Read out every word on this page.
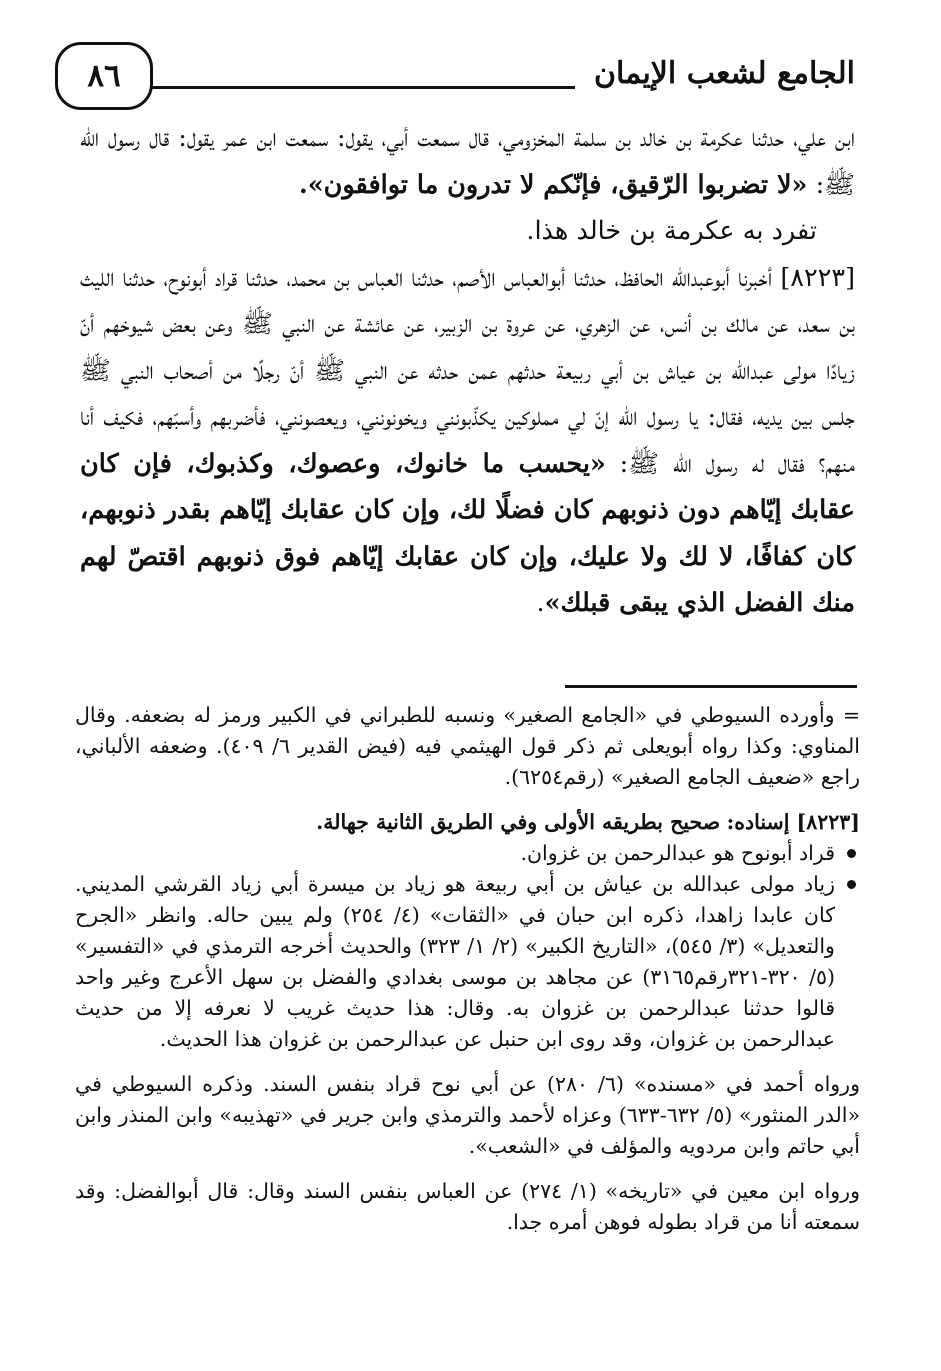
الجامع لشعب الإيمان
٨٦

ابن علي، حدثنا عكرمة بن خالد بن سلمة المخزومي، قال سمعت أبي، يقول: سمعت ابن عمر يقول: قال رسول الله ﷺ: «لا تضربوا الرّقيق، فإنّكم لا تدرون ما توافقون».

تفرد به عكرمة بن خالد هذا.

[٨٢٢٣] أخبرنا أبوعبدالله الحافظ، حدثنا أبوالعباس الأصم، حدثنا العباس بن محمد، حدثنا قراد أبونوح، حدثنا الليث بن سعد، عن مالك بن أنس، عن الزهري، عن عروة بن الزبير، عن عائشة عن النبي ﷺ وعن بعض شيوخهم أنّ زيادًا مولى عبدالله بن عياش بن أبي ربيعة حدثهم عمن حدثه عن النبي ﷺ أنّ رجلًا من أصحاب النبي ﷺ جلس بين يديه، فقال: يا رسول الله إنّ لي مملوكين يكذّبونني ويخونونني، ويعصونني، فأضربهم وأسبّهم، فكيف أنا منهم؟ فقال له رسول الله ﷺ: «يحسب ما خانوك، وعصوك، وكذبوك، فإن كان عقابك إيّاهم دون ذنوبهم كان فضلًا لك، وإن كان عقابك إيّاهم بقدر ذنوبهم، كان كفافًا، لا لك ولا عليك، وإن كان عقابك إيّاهم فوق ذنوبهم اقتصّ لهم منك الفضل الذي يبقى قبلك».

= وأورده السيوطي في «الجامع الصغير» ونسبه للطبراني في الكبير ورمز له بضعفه. وقال المناوي: وكذا رواه أبويعلى ثم ذكر قول الهيثمي فيه (فيض القدير ٦/ ٤٠٩). وضعفه الألباني، راجع «ضعيف الجامع الصغير» (رقم٦٢٥٤).

[٨٢٢٣] إسناده: صحيح بطريقه الأولى وفي الطريق الثانية جهالة.

قراد أبونوح هو عبدالرحمن بن غزوان.
زياد مولى عبدالله بن عياش بن أبي ربيعة هو زياد بن ميسرة أبي زياد القرشي المديني. كان عابدا زاهدا، ذكره ابن حبان في «الثقات» (٤/ ٢٥٤) ولم يبين حاله. وانظر «الجرح والتعديل» (٣/ ٥٤٥)، «التاريخ الكبير» (٢/ ١/ ٣٢٣) والحديث أخرجه الترمذي في «التفسير» (٥/ ٣٢٠-٣٢١رقم٣١٦٥) عن مجاهد بن موسى بغدادي والفضل بن سهل الأعرج وغير واحد قالوا حدثنا عبدالرحمن بن غزوان به. وقال: هذا حديث غريب لا نعرفه إلا من حديث عبدالرحمن بن غزوان، وقد روى ابن حنبل عن عبدالرحمن بن غزوان هذا الحديث.

ورواه أحمد في «مسنده» (٦/ ٢٨٠) عن أبي نوح قراد بنفس السند. وذكره السيوطي في «الدر المنثور» (٥/ ٦٣٢-٦٣٣) وعزاه لأحمد والترمذي وابن جرير في «تهذيبه» وابن المنذر وابن أبي حاتم وابن مردويه والمؤلف في «الشعب».

ورواه ابن معين في «تاريخه» (١/ ٢٧٤) عن العباس بنفس السند وقال: قال أبوالفضل: وقد سمعته أنا من قراد بطوله فوهن أمره جدا.
